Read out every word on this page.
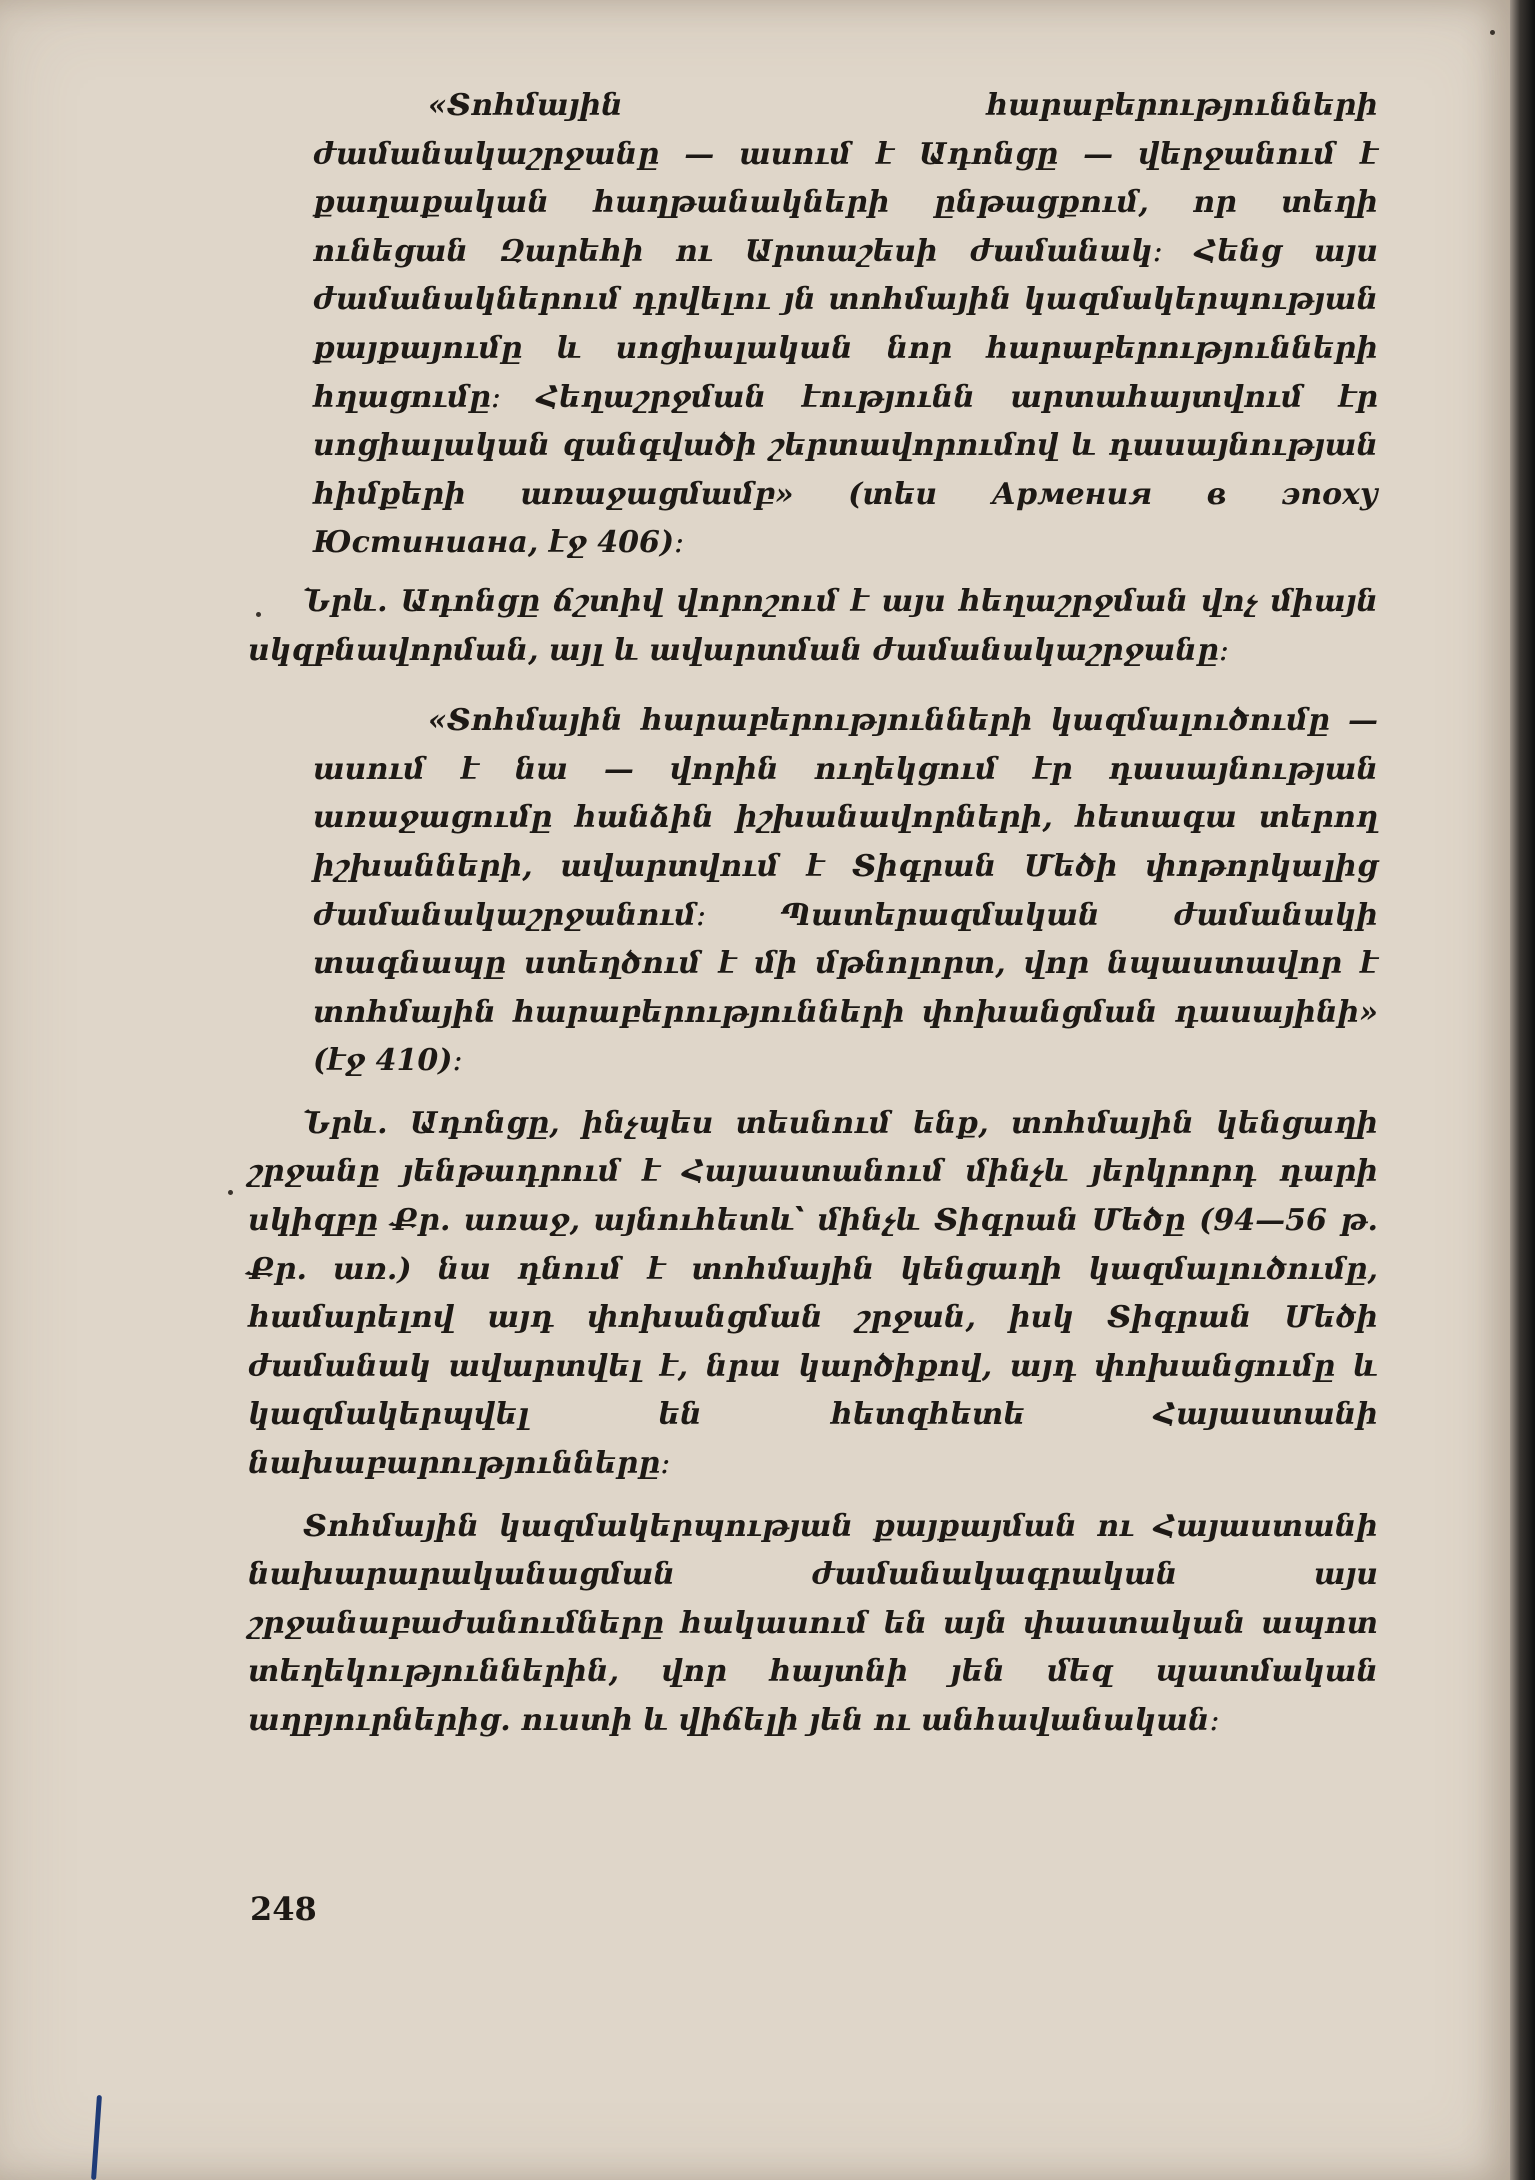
«Տոհմային հարաբերությունների ժամանակաշրջանը — ասում է Ադոնցը — վերջանում է քաղաքական հաղթանակների ընթացքում, որ տեղի ունեցան Զարեհի ու Արտաշեսի ժամանակ։ Հենց այս ժամանակներում դրվելու յն տոհմային կազմակերպության քայքայումը և սոցիալական նոր հարաբերությունների հղացումը։ Հեղաշրջման էությունն արտահայտվում էր սոցիալական զանգվածի շերտավորումով և դասայնության հիմքերի առաջացմամբ» (տես Армения в эпоху Юстиниана, էջ 406)։

Նրև․ Ադոնցը ճշտիվ վորոշում է այս հեղաշրջման վոչ միայն սկզբնավորման, այլ և ավարտման ժամանակաշրջանը։

«Տոհմային հարաբերությունների կազմալուծումը — ասում է նա — վորին ուղեկցում էր դասայնության առաջացումը հանձին իշխանավորների, հետագա տերող իշխանների, ավարտվում է Տիգրան Մեծի փոթորկալից ժամանակաշրջանում։ Պատերազմական ժամանակի տագնապը ստեղծում է մի մթնոլորտ, վոր նպաստավոր է տոհմային հարաբերությունների փոխանցման դասայինի» (էջ 410)։

Նրև․ Ադոնցը, ինչպես տեսնում ենք, տոհմային կենցաղի շրջանը յենթադրում է Հայաստանում մինչև յերկրորդ դարի սկիզբը Քր․ առաջ, այնուհետև՝ մինչև Տիգրան Մեծը (94—56 թ․ Քր․ առ․) նա դնում է տոհմային կենցաղի կազմալուծումը, համարելով այդ փոխանցման շրջան, իսկ Տիգրան Մեծի ժամանակ ավարտվել է, նրա կարծիքով, այդ փոխանցումը և կազմակերպվել են հետզհետե Հայաստանի նախաբարությունները։

Տոհմային կազմակերպության քայքայման ու Հայաստանի նախարարականացման ժամանակագրական այս շրջանաբաժանումները հակասում են այն փաստական ապոտ տեղեկություններին, վոր հայտնի յեն մեզ պատմական աղբյուրներից․ ուստի և վիճելի յեն ու անհավանական։

248
